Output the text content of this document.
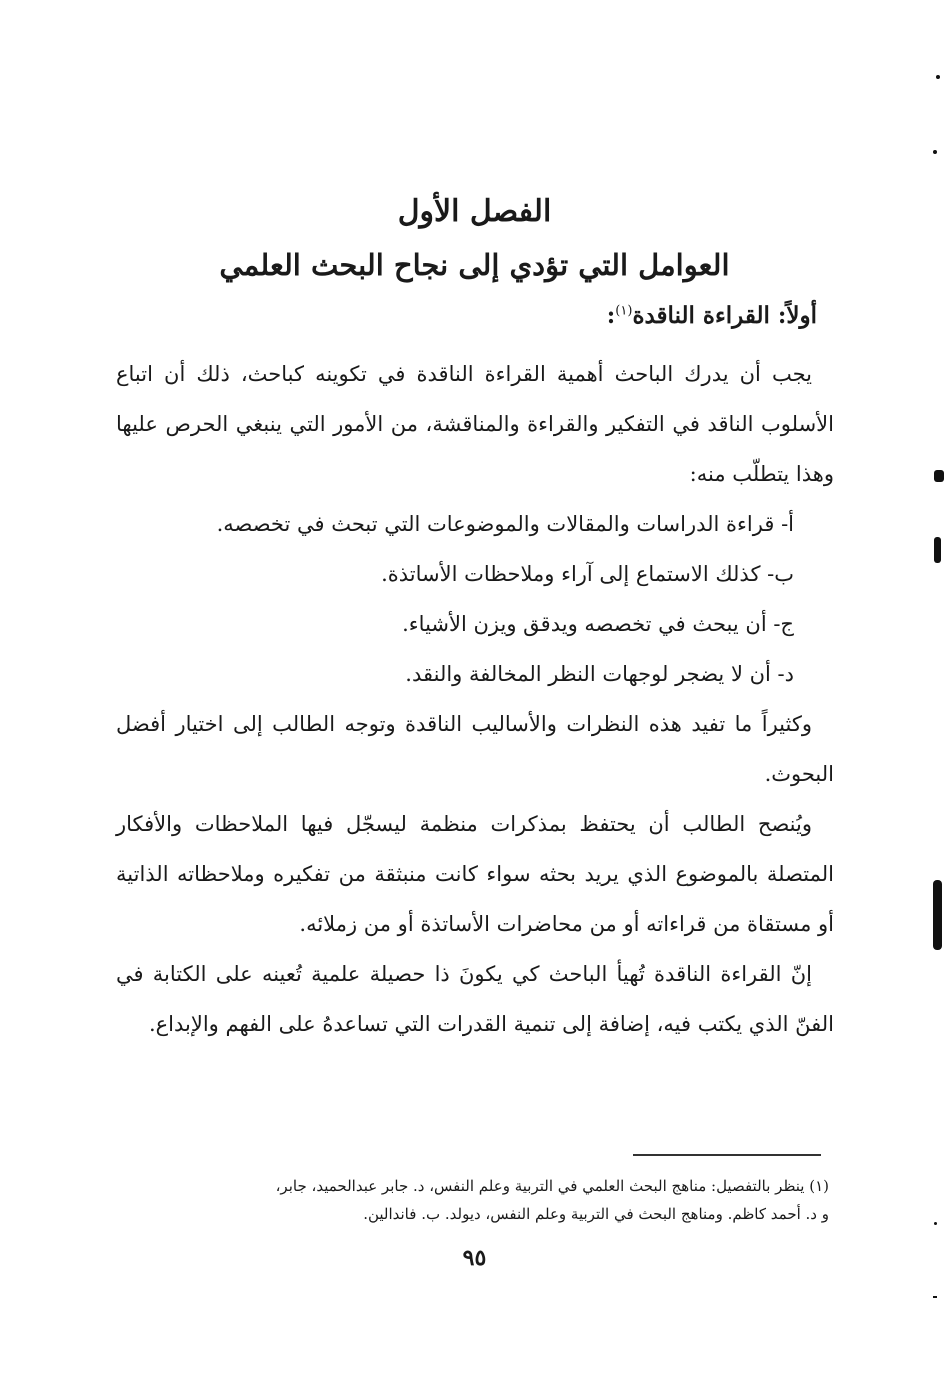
الفصل الأول
العوامل التي تؤدي إلى نجاح البحث العلمي
أولاً: القراءة الناقدة$^{(١)}$:

يجب أن يدرك الباحث أهمية القراءة الناقدة في تكوينه كباحث، ذلك أن اتباع الأسلوب الناقد في التفكير والقراءة والمناقشة، من الأمور التي ينبغي الحرص عليها وهذا يتطلّب منه:

أ- قراءة الدراسات والمقالات والموضوعات التي تبحث في تخصصه.

ب- كذلك الاستماع إلى آراء وملاحظات الأساتذة.

ج- أن يبحث في تخصصه ويدقق ويزن الأشياء.

د- أن لا يضجر لوجهات النظر المخالفة والنقد.

وكثيراً ما تفيد هذه النظرات والأساليب الناقدة وتوجه الطالب إلى اختيار أفضل البحوث.

ويُنصح الطالب أن يحتفظ بمذكرات منظمة ليسجّل فيها الملاحظات والأفكار المتصلة بالموضوع الذي يريد بحثه سواء كانت منبثقة من تفكيره وملاحظاته الذاتية أو مستقاة من قراءاته أو من محاضرات الأساتذة أو من زملائه.

إنّ القراءة الناقدة تُهيأ الباحث كي يكونَ ذا حصيلة علمية تُعينه على الكتابة في الفنّ الذي يكتب فيه، إضافة إلى تنمية القدرات التي تساعدهُ على الفهم والإبداع.

(١) ينظر بالتفصيل: مناهج البحث العلمي في التربية وعلم النفس، د. جابر عبدالحميد، جابر،

و د. أحمد كاظم. ومناهج البحث في التربية وعلم النفس، ديولد. ب. فاندالين.

٩٥
